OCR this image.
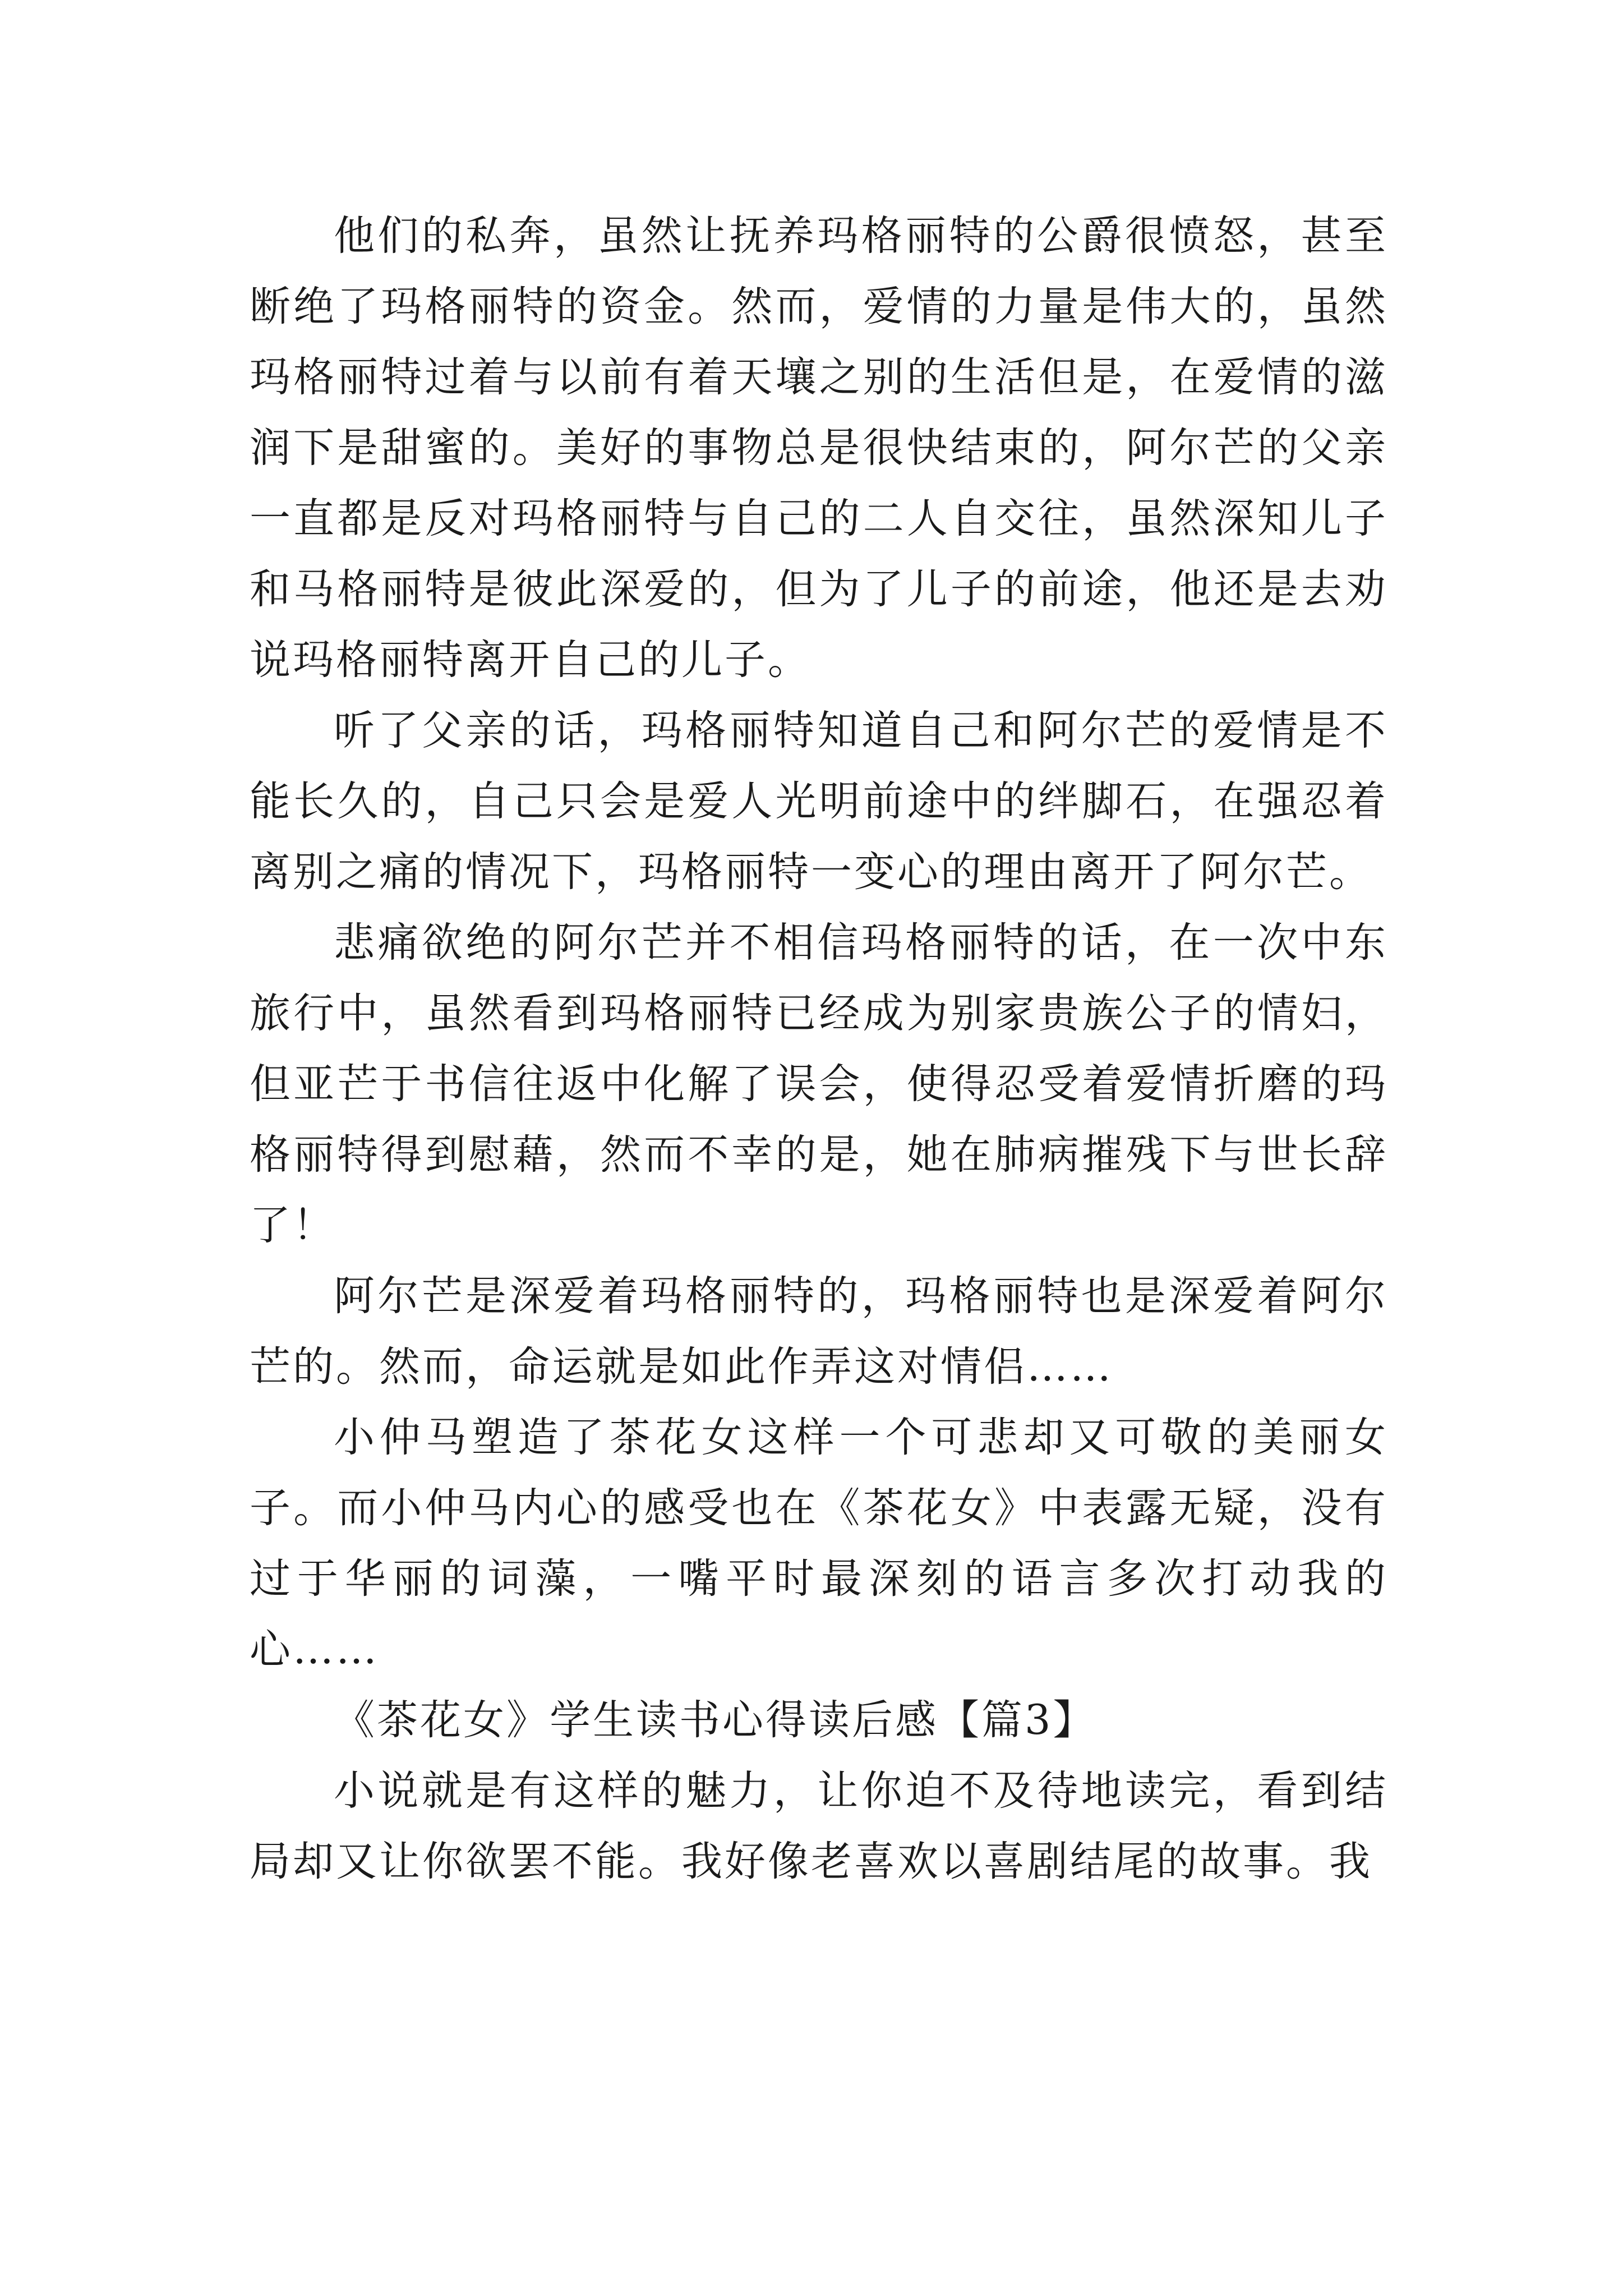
他们的私奔，虽然让抚养玛格丽特的公爵很愤怒，甚至断绝了玛格丽特的资金。然而，爱情的力量是伟大的，虽然玛格丽特过着与以前有着天壤之别的生活但是，在爱情的滋润下是甜蜜的。美好的事物总是很快结束的，阿尔芒的父亲一直都是反对玛格丽特与自己的二人自交往，虽然深知儿子和马格丽特是彼此深爱的，但为了儿子的前途，他还是去劝说玛格丽特离开自己的儿子。

听了父亲的话，玛格丽特知道自己和阿尔芒的爱情是不能长久的，自己只会是爱人光明前途中的绊脚石，在强忍着离别之痛的情况下，玛格丽特一变心的理由离开了阿尔芒。

悲痛欲绝的阿尔芒并不相信玛格丽特的话，在一次中东旅行中，虽然看到玛格丽特已经成为别家贵族公子的情妇，但亚芒于书信往返中化解了误会，使得忍受着爱情折磨的玛格丽特得到慰藉，然而不幸的是，她在肺病摧残下与世长辞了！

阿尔芒是深爱着玛格丽特的，玛格丽特也是深爱着阿尔芒的。然而，命运就是如此作弄这对情侣……

小仲马塑造了茶花女这样一个可悲却又可敬的美丽女子。而小仲马内心的感受也在《茶花女》中表露无疑，没有过于华丽的词藻，一嘴平时最深刻的语言多次打动我的心……

《茶花女》学生读书心得读后感【篇3】

小说就是有这样的魅力，让你迫不及待地读完，看到结局却又让你欲罢不能。我好像老喜欢以喜剧结尾的故事。我
